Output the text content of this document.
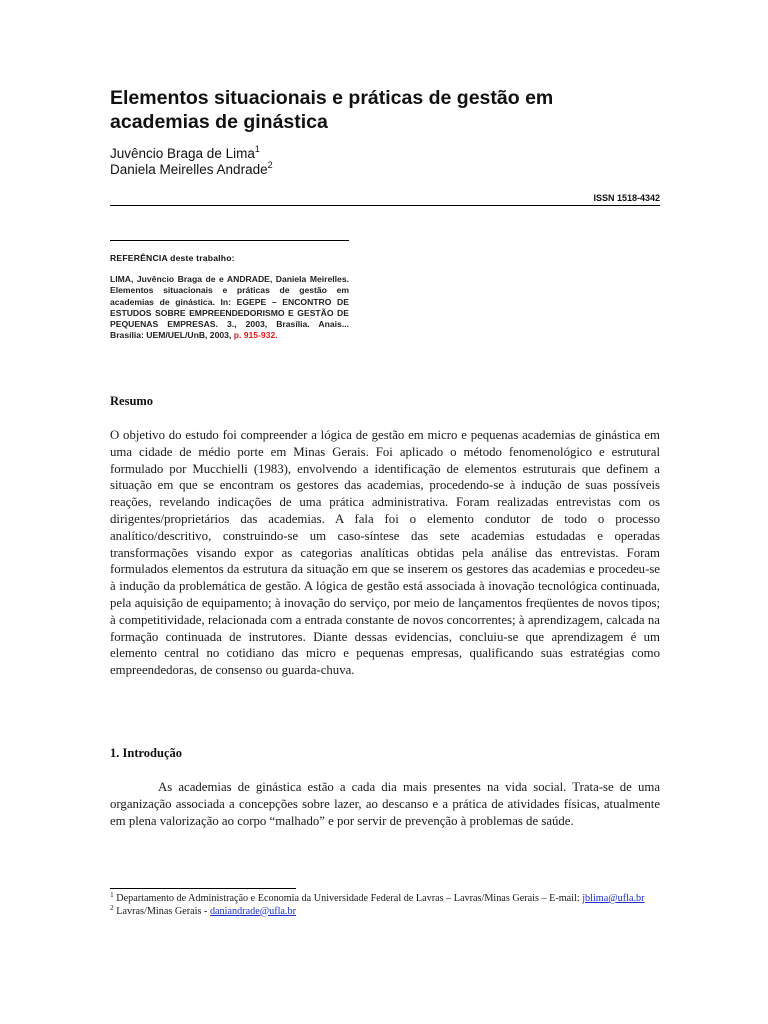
Elementos situacionais e práticas de gestão em academias de ginástica
Juvêncio Braga de Lima$^1$
Daniela Meirelles Andrade$^2$
ISSN 1518-4342
REFERÊNCIA deste trabalho:
LIMA, Juvêncio Braga de e ANDRADE, Daniela Meirelles. Elementos situacionais e práticas de gestão em academias de ginástica. In: EGEPE – ENCONTRO DE ESTUDOS SOBRE EMPREENDEDORISMO E GESTÃO DE PEQUENAS EMPRESAS. 3., 2003, Brasília. Anais... Brasília: UEM/UEL/UnB, 2003, p. 915-932.
Resumo
O objetivo do estudo foi compreender a lógica de gestão em micro e pequenas academias de ginástica em uma cidade de médio porte em Minas Gerais. Foi aplicado o método fenomenológico e estrutural formulado por Mucchielli (1983), envolvendo a identificação de elementos estruturais que definem a situação em que se encontram os gestores das academias, procedendo-se à indução de suas possíveis reações, revelando indicações de uma prática administrativa. Foram realizadas entrevistas com os dirigentes/proprietários das academias. A fala foi o elemento condutor de todo o processo analítico/descritivo, construindo-se um caso-síntese das sete academias estudadas e operadas transformações visando expor as categorias analíticas obtidas pela análise das entrevistas. Foram formulados elementos da estrutura da situação em que se inserem os gestores das academias e procedeu-se à indução da problemática de gestão. A lógica de gestão está associada à inovação tecnológica continuada, pela aquisição de equipamento; à inovação do serviço, por meio de lançamentos freqüentes de novos tipos; à competitividade, relacionada com a entrada constante de novos concorrentes; à aprendizagem, calcada na formação continuada de instrutores. Diante dessas evidencias, concluiu-se que aprendizagem é um elemento central no cotidiano das micro e pequenas empresas, qualificando suas estratégias como empreendedoras, de consenso ou guarda-chuva.
1. Introdução
As academias de ginástica estão a cada dia mais presentes na vida social. Trata-se de uma organização associada a concepções sobre lazer, ao descanso e a prática de atividades físicas, atualmente em plena valorização ao corpo “malhado” e por servir de prevenção à problemas de saúde.
$^1$ Departamento de Administração e Economia da Universidade Federal de Lavras – Lavras/Minas Gerais – E-mail: jblima@ufla.br
$^2$ Lavras/Minas Gerais - daniandrade@ufla.br
